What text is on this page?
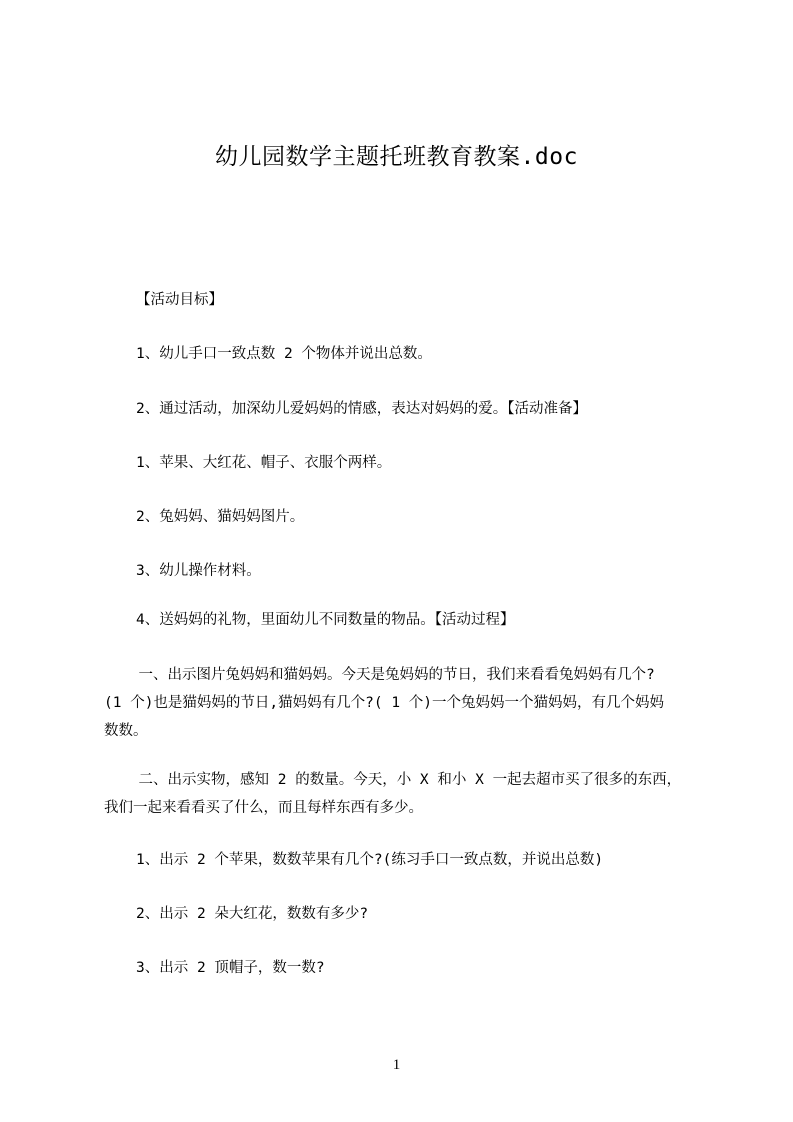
幼儿园数学主题托班教育教案.doc

【活动目标】

1、幼儿手口一致点数 2 个物体并说出总数。

2、通过活动，加深幼儿爱妈妈的情感，表达对妈妈的爱。【活动准备】

1、苹果、大红花、帽子、衣服个两样。

2、兔妈妈、猫妈妈图片。

3、幼儿操作材料。

4、送妈妈的礼物，里面幼儿不同数量的物品。【活动过程】

　一、出示图片兔妈妈和猫妈妈。今天是兔妈妈的节日，我们来看看兔妈妈有几个?
(1 个)也是猫妈妈的节日,猫妈妈有几个?( 1 个)一个兔妈妈一个猫妈妈，有几个妈妈
数数。
　二、出示实物，感知 2 的数量。今天，小 X 和小 X 一起去超市买了很多的东西，
我们一起来看看买了什么，而且每样东西有多少。

1、出示 2 个苹果，数数苹果有几个?(练习手口一致点数，并说出总数)

2、出示 2 朵大红花，数数有多少?

3、出示 2 顶帽子，数一数?

1
